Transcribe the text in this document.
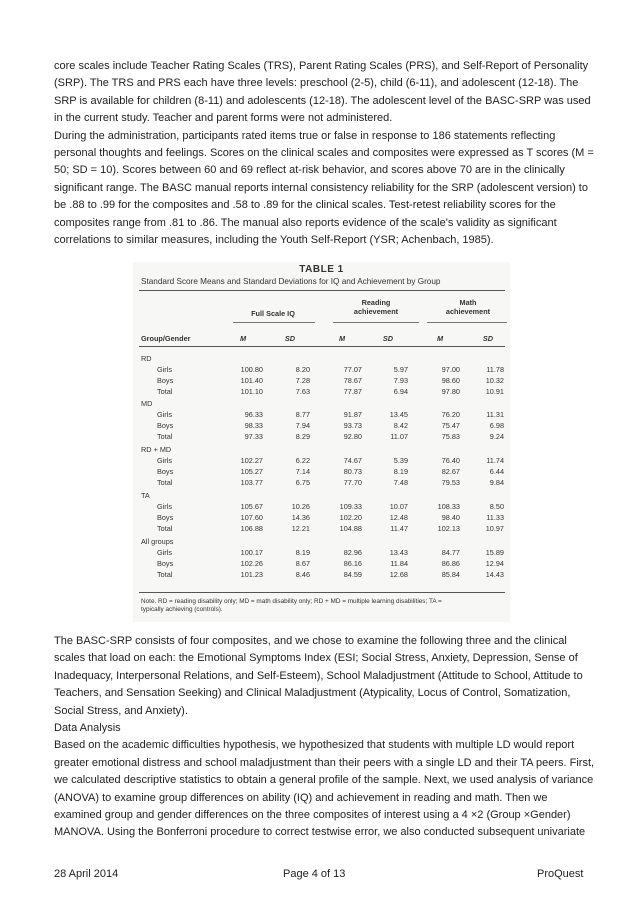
core scales include Teacher Rating Scales (TRS), Parent Rating Scales (PRS), and Self-Report of Personality
(SRP). The TRS and PRS each have three levels: preschool (2-5), child (6-11), and adolescent (12-18). The
SRP is available for children (8-11) and adolescents (12-18). The adolescent level of the BASC-SRP was used
in the current study. Teacher and parent forms were not administered.
During the administration, participants rated items true or false in response to 186 statements reflecting
personal thoughts and feelings. Scores on the clinical scales and composites were expressed as T scores (M =
50; SD = 10). Scores between 60 and 69 reflect at-risk behavior, and scores above 70 are in the clinically
significant range. The BASC manual reports internal consistency reliability for the SRP (adolescent version) to
be .88 to .99 for the composites and .58 to .89 for the clinical scales. Test-retest reliability scores for the
composites range from .81 to .86. The manual also reports evidence of the scale's validity as significant
correlations to similar measures, including the Youth Self-Report (YSR; Achenbach, 1985).
TABLE 1
Standard Score Means and Standard Deviations for IQ and Achievement by Group
Reading
achievement
Math
achievement
Full Scale IQ
Group/Gender	M	SD	M	SD	M	SD
RD
Girls	100.80	8.20	77.07	5.97	97.00	11.78
Boys	101.40	7.28	78.67	7.93	98.60	10.32
Total	101.10	7.63	77.87	6.94	97.80	10.91
MD
Girls	96.33	8.77	91.87	13.45	76.20	11.31
Boys	98.33	7.94	93.73	8.42	75.47	6.98
Total	97.33	8.29	92.80	11.07	75.83	9.24
RD + MD
Girls	102.27	6.22	74.67	5.39	76.40	11.74
Boys	105.27	7.14	80.73	8.19	82.67	6.44
Total	103.77	6.75	77.70	7.48	79.53	9.84
TA
Girls	105.67	10.26	109.33	10.07	108.33	8.50
Boys	107.60	14.36	102.20	12.48	98.40	11.33
Total	106.88	12.21	104.88	11.47	102.13	10.97
All groups
Girls	100.17	8.19	82.96	13.43	84.77	15.89
Boys	102.26	8.67	86.16	11.84	86.86	12.94
Total	101.23	8.46	84.59	12.68	85.84	14.43
Note. RD = reading disability only; MD = math disability only; RD + MD = multiple learning disabilities; TA =
typically achieving (controls).
The BASC-SRP consists of four composites, and we chose to examine the following three and the clinical
scales that load on each: the Emotional Symptoms Index (ESI; Social Stress, Anxiety, Depression, Sense of
Inadequacy, Interpersonal Relations, and Self-Esteem), School Maladjustment (Attitude to School, Attitude to
Teachers, and Sensation Seeking) and Clinical Maladjustment (Atypicality, Locus of Control, Somatization,
Social Stress, and Anxiety).
Data Analysis
Based on the academic difficulties hypothesis, we hypothesized that students with multiple LD would report
greater emotional distress and school maladjustment than their peers with a single LD and their TA peers. First,
we calculated descriptive statistics to obtain a general profile of the sample. Next, we used analysis of variance
(ANOVA) to examine group differences on ability (IQ) and achievement in reading and math. Then we
examined group and gender differences on the three composites of interest using a 4 ×2 (Group ×Gender)
MANOVA. Using the Bonferroni procedure to correct testwise error, we also conducted subsequent univariate
28 April 2014	Page 4 of 13	ProQuest
